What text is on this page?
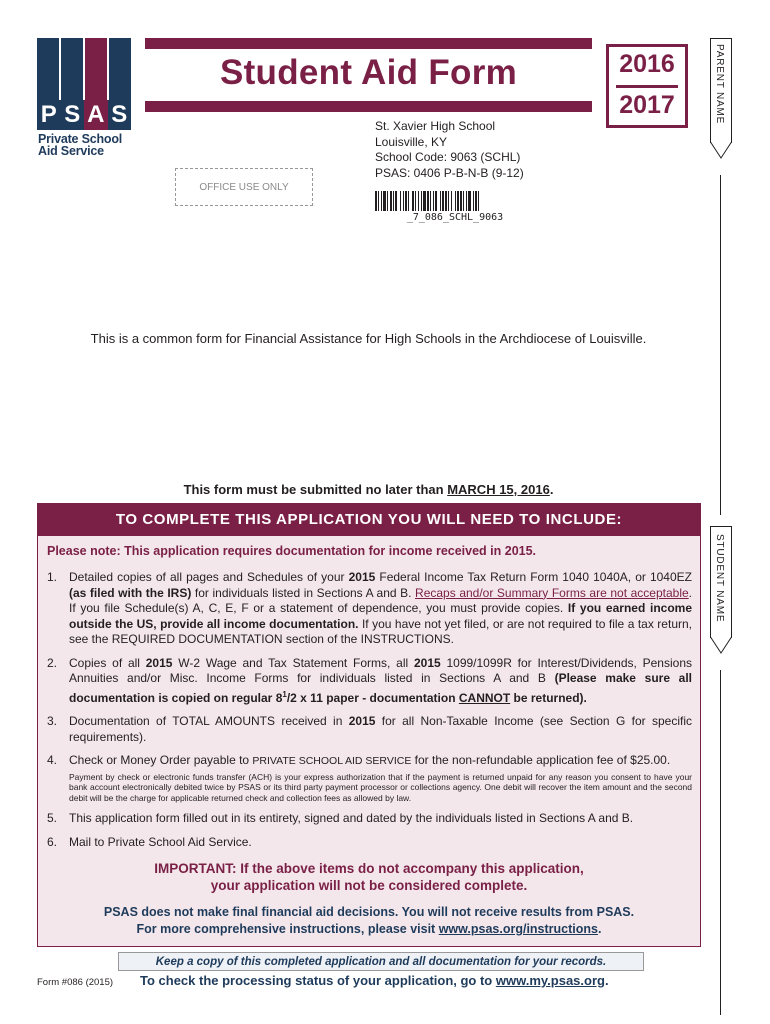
P S A S
Private School
Aid Service
Student Aid Form	2016
2017
St. Xavier High School
Louisville, KY
School Code: 9063 (SCHL)
PSAS: 0406 P-B-N-B (9-12)
OFFICE USE ONLY
_7_086_SCHL_9063
PARENT NAME
STUDENT NAME
This is a common form for Financial Assistance for High Schools in the Archdiocese of Louisville.
This form must be submitted no later than MARCH 15, 2016.
TO COMPLETE THIS APPLICATION YOU WILL NEED TO INCLUDE:
Please note: This application requires documentation for income received in 2015.
1. Detailed copies of all pages and Schedules of your 2015 Federal Income Tax Return Form 1040 1040A, or 1040EZ (as filed with the IRS) for individuals listed in Sections A and B. Recaps and/or Summary Forms are not acceptable. If you file Schedule(s) A, C, E, F or a statement of dependence, you must provide copies. If you earned income outside the US, provide all income documentation. If you have not yet filed, or are not required to file a tax return, see the REQUIRED DOCUMENTATION section of the INSTRUCTIONS.
2. Copies of all 2015 W-2 Wage and Tax Statement Forms, all 2015 1099/1099R for Interest/Dividends, Pensions Annuities and/or Misc. Income Forms for individuals listed in Sections A and B (Please make sure all documentation is copied on regular $8^1/2$ x 11 paper - documentation CANNOT be returned).
3. Documentation of TOTAL AMOUNTS received in 2015 for all Non-Taxable Income (see Section G for specific requirements).
4. Check or Money Order payable to PRIVATE SCHOOL AID SERVICE for the non-refundable application fee of $25.00.
Payment by check or electronic funds transfer (ACH) is your express authorization that if the payment is returned unpaid for any reason you consent to have your bank account electronically debited twice by PSAS or its third party payment processor or collections agency. One debit will recover the item amount and the second debit will be the charge for applicable returned check and collection fees as allowed by law.
5. This application form filled out in its entirety, signed and dated by the individuals listed in Sections A and B.
6. Mail to Private School Aid Service.
IMPORTANT: If the above items do not accompany this application,
your application will not be considered complete.
PSAS does not make final financial aid decisions. You will not receive results from PSAS.
For more comprehensive instructions, please visit www.psas.org/instructions.
Keep a copy of this completed application and all documentation for your records.
Form #086 (2015) To check the processing status of your application, go to www.my.psas.org.
